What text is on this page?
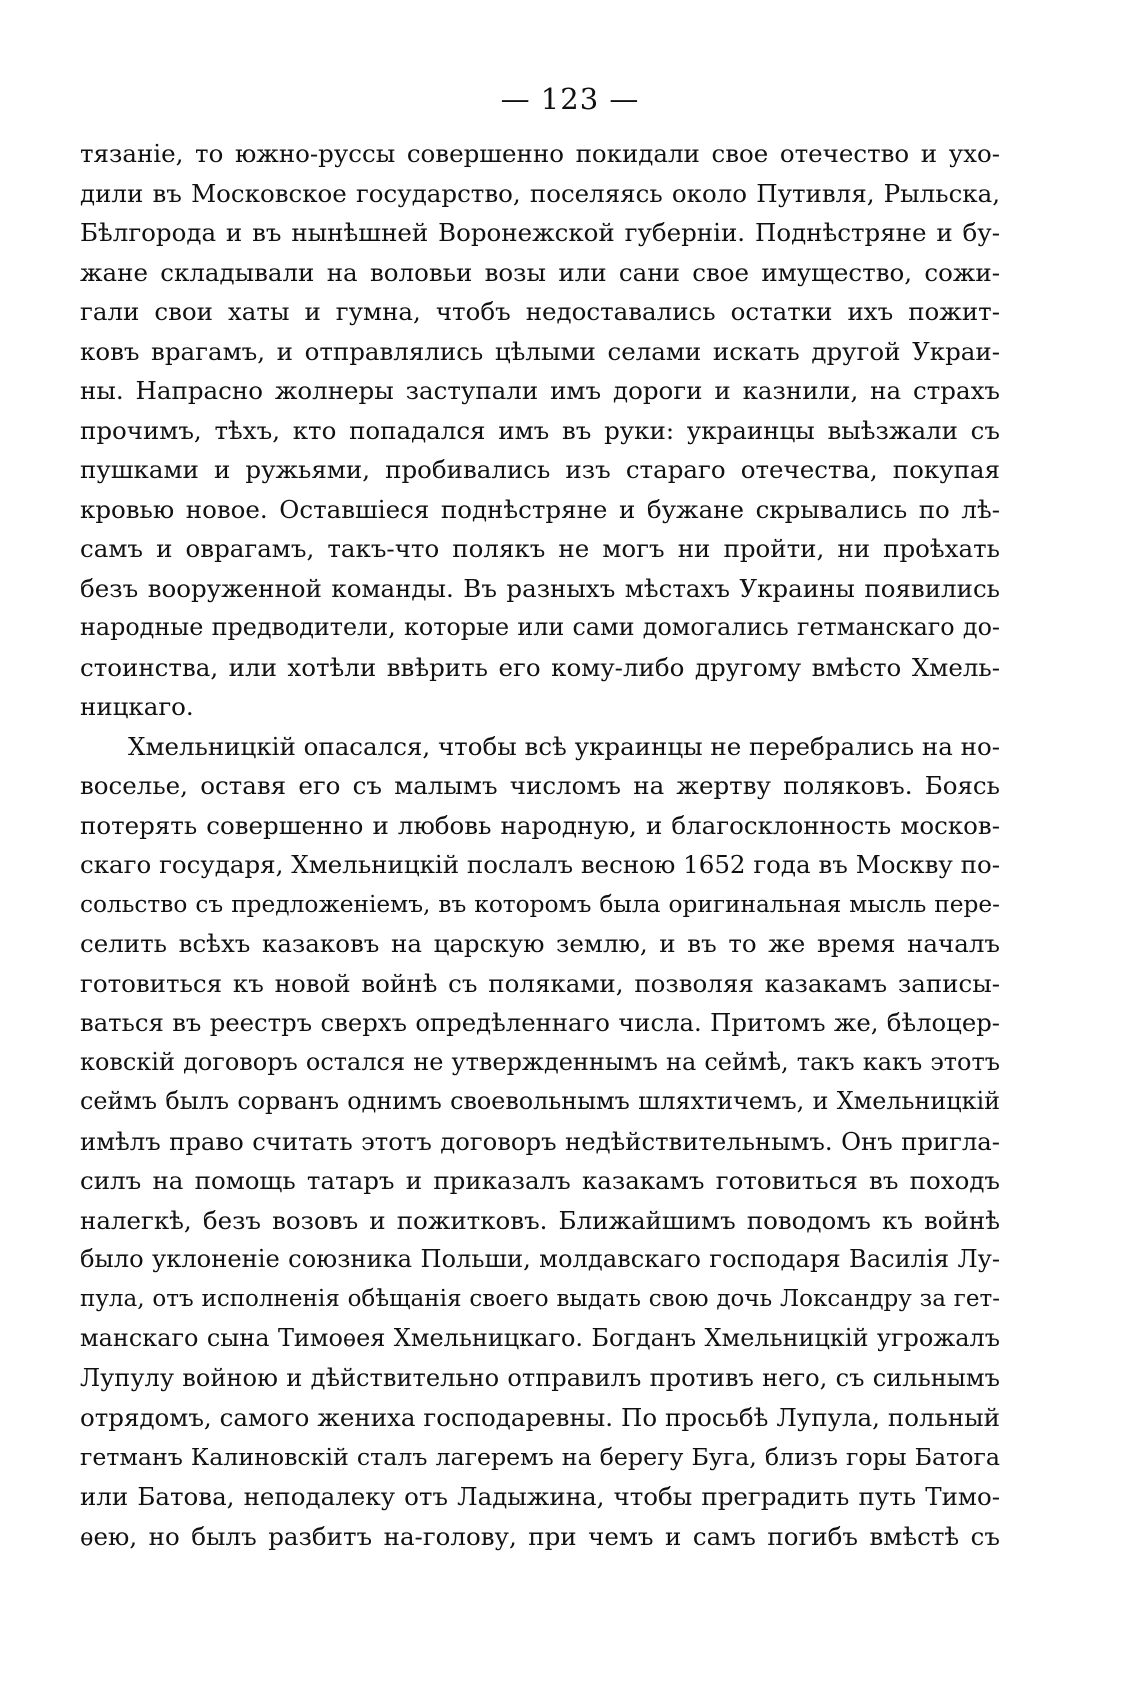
— 123 —
тязаніе, то южно-руссы совершенно покидали свое отечество и ухо-
дили въ Московское государство, поселяясь около Путивля, Рыльска,
Бѣлгорода и въ нынѣшней Воронежской губерніи. Поднѣстряне и бу-
жане складывали на воловьи возы или сани свое имущество, сожи-
гали свои хаты и гумна, чтобъ недоставались остатки ихъ пожит-
ковъ врагамъ, и отправлялись цѣлыми селами искать другой Украи-
ны. Напрасно жолнеры заступали имъ дороги и казнили, на страхъ
прочимъ, тѣхъ, кто попадался имъ въ руки: украинцы выѣзжали съ
пушками и ружьями, пробивались изъ стараго отечества, покупая
кровью новое. Оставшіеся поднѣстряне и бужане скрывались по лѣ-
самъ и оврагамъ, такъ-что полякъ не могъ ни пройти, ни проѣхать
безъ вооруженной команды. Въ разныхъ мѣстахъ Украины появились
народные предводители, которые или сами домогались гетманскаго до-
стоинства, или хотѣли ввѣрить его кому-либо другому вмѣсто Хмель-
ницкаго.
Хмельницкій опасался, чтобы всѣ украинцы не перебрались на но-
воселье, оставя его съ малымъ числомъ на жертву поляковъ. Боясь
потерять совершенно и любовь народную, и благосклонность москов-
скаго государя, Хмельницкій послалъ весною 1652 года въ Москву по-
сольство съ предложеніемъ, въ которомъ была оригинальная мысль пере-
селить всѣхъ казаковъ на царскую землю, и въ то же время началъ
готовиться къ новой войнѣ съ поляками, позволяя казакамъ записы-
ваться въ реестръ сверхъ опредѣленнаго числа. Притомъ же, бѣлоцер-
ковскій договоръ остался не утвержденнымъ на сеймѣ, такъ какъ этотъ
сеймъ былъ сорванъ однимъ своевольнымъ шляхтичемъ, и Хмельницкій
имѣлъ право считать этотъ договоръ недѣйствительнымъ. Онъ пригла-
силъ на помощь татаръ и приказалъ казакамъ готовиться въ походъ
налегкѣ, безъ возовъ и пожитковъ. Ближайшимъ поводомъ къ войнѣ
было уклоненіе союзника Польши, молдавскаго господаря Василія Лу-
пула, отъ исполненія обѣщанія своего выдать свою дочь Локсандру за гет-
манскаго сына Тимоѳея Хмельницкаго. Богданъ Хмельницкій угрожалъ
Лупулу войною и дѣйствительно отправилъ противъ него, съ сильнымъ
отрядомъ, самого жениха господаревны. По просьбѣ Лупула, польный
гетманъ Калиновскій сталъ лагеремъ на берегу Буга, близъ горы Батога
или Батова, неподалеку отъ Ладыжина, чтобы преградить путь Тимо-
ѳею, но былъ разбитъ на-голову, при чемъ и самъ погибъ вмѣстѣ съ
